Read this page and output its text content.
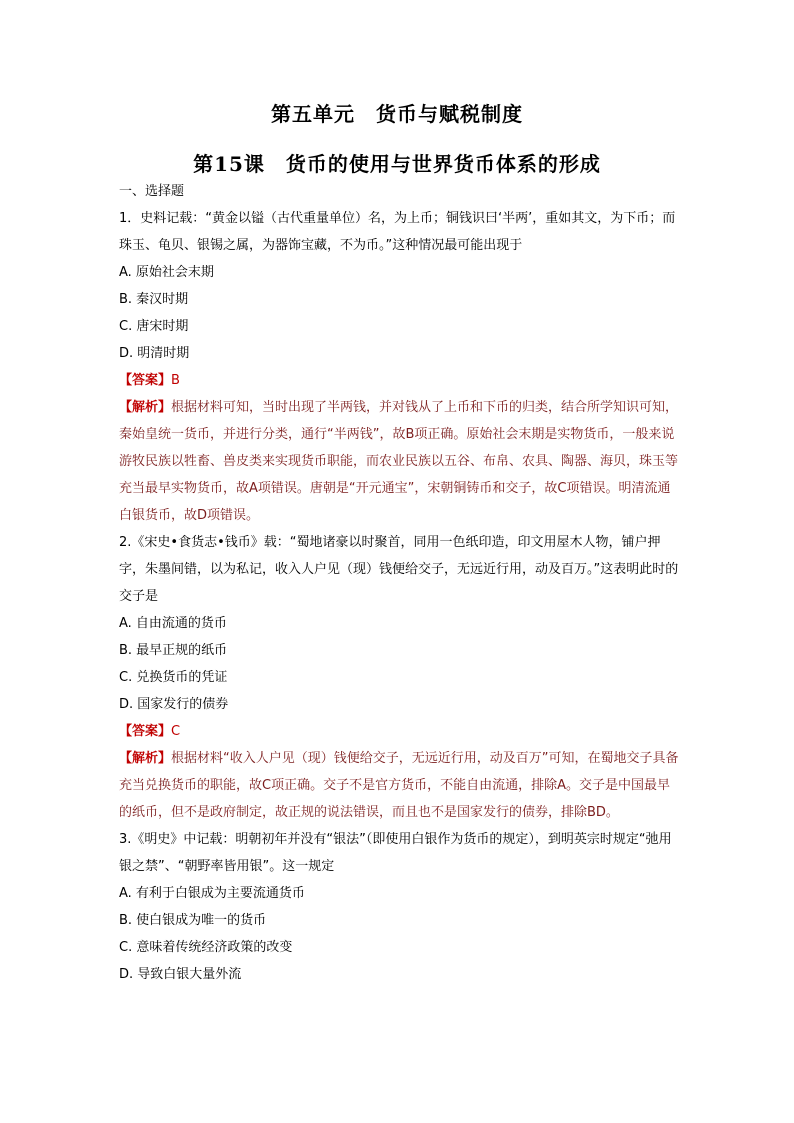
第五单元　货币与赋税制度
第15课　货币的使用与世界货币体系的形成

一、选择题

1．史料记载：“黄金以镒（古代重量单位）名，为上币；铜钱识曰‘半两’，重如其文，为下币；而珠玉、龟贝、银锡之属，为器饰宝藏，不为币。”这种情况最可能出现于

A. 原始社会末期

B. 秦汉时期

C. 唐宋时期

D. 明清时期

【答案】B

【解析】根据材料可知，当时出现了半两钱，并对钱从了上币和下币的归类，结合所学知识可知，秦始皇统一货币，并进行分类，通行“半两钱”，故B项正确。原始社会末期是实物货币，一般来说游牧民族以牲畜、兽皮类来实现货币职能，而农业民族以五谷、布帛、农具、陶器、海贝，珠玉等充当最早实物货币，故A项错误。唐朝是“开元通宝”，宋朝铜铸币和交子，故C项错误。明清流通白银货币，故D项错误。

2.《宋史•食货志•钱币》载：“蜀地诸豪以时聚首，同用一色纸印造，印文用屋木人物，铺户押字，朱墨间错，以为私记，收入人户见（现）钱便给交子，无远近行用，动及百万。”这表明此时的交子是

A. 自由流通的货币

B. 最早正规的纸币

C. 兑换货币的凭证

D. 国家发行的债券

【答案】C

【解析】根据材料“收入人户见（现）钱便给交子，无远近行用，动及百万”可知，在蜀地交子具备充当兑换货币的职能，故C项正确。交子不是官方货币，不能自由流通，排除A。交子是中国最早的纸币，但不是政府制定，故正规的说法错误，而且也不是国家发行的债券，排除BD。

3.《明史》中记载：明朝初年并没有“银法”（即使用白银作为货币的规定），到明英宗时规定“弛用银之禁”、“朝野率皆用银”。这一规定

A. 有利于白银成为主要流通货币

B. 使白银成为唯一的货币

C. 意味着传统经济政策的改变

D. 导致白银大量外流
